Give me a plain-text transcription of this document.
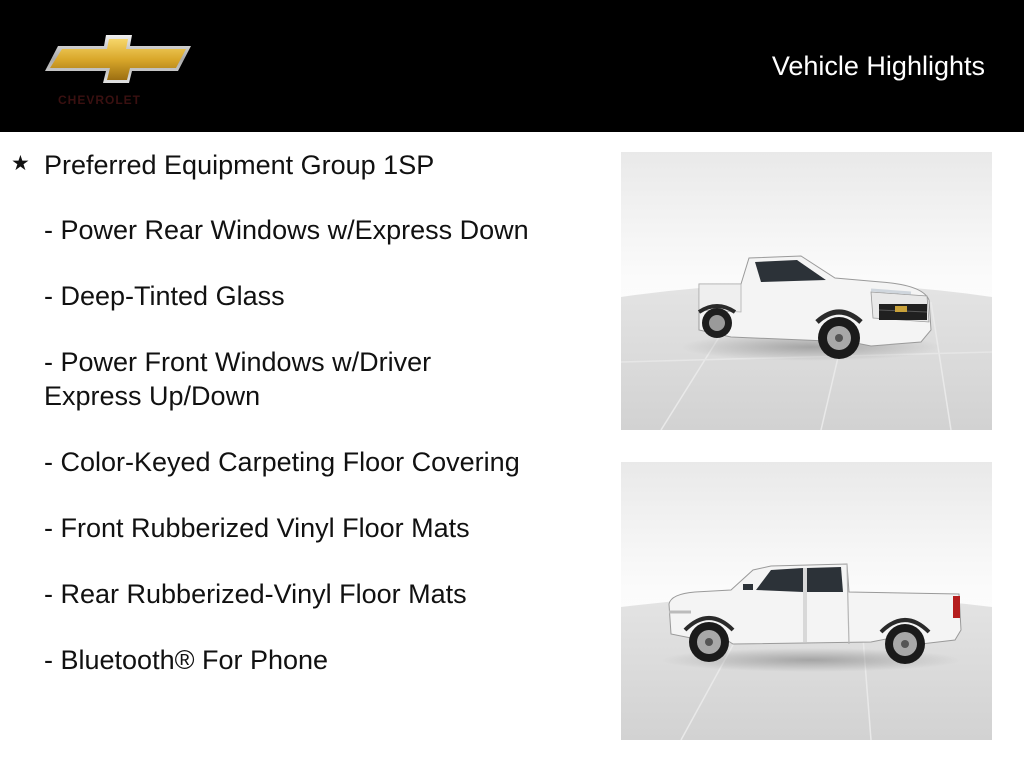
CHEVROLET
Vehicle Highlights
★ Preferred Equipment Group 1SP
- Power Rear Windows w/Express Down
- Deep-Tinted Glass
- Power Front Windows w/Driver Express Up/Down
- Color-Keyed Carpeting Floor Covering
- Front Rubberized Vinyl Floor Mats
- Rear Rubberized-Vinyl Floor Mats
- Bluetooth® For Phone
